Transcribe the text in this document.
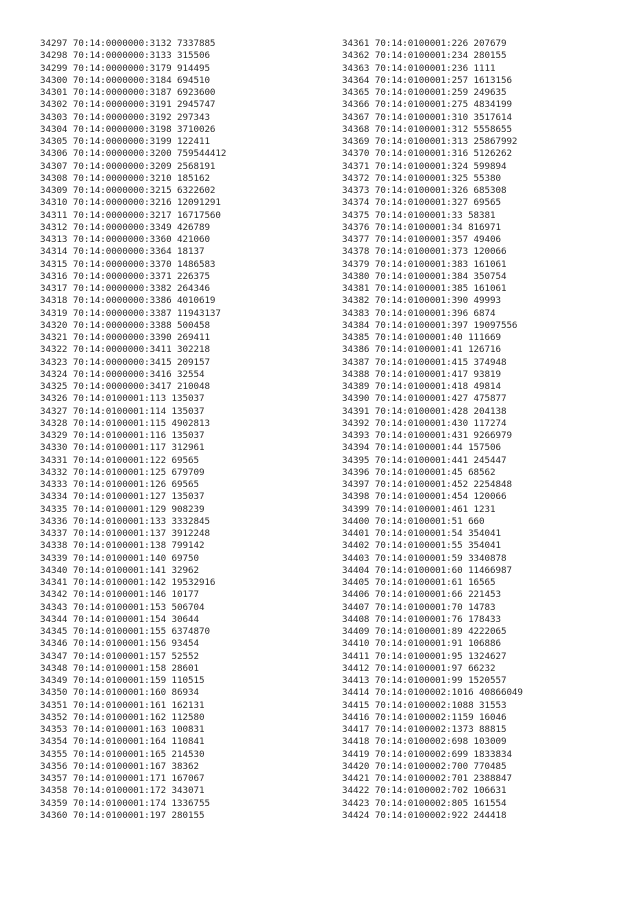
34297 70:14:0000000:3132 7337885
34298 70:14:0000000:3133 315506
34299 70:14:0000000:3179 914495
34300 70:14:0000000:3184 694510
34301 70:14:0000000:3187 6923600
34302 70:14:0000000:3191 2945747
34303 70:14:0000000:3192 297343
34304 70:14:0000000:3198 3710026
34305 70:14:0000000:3199 122411
34306 70:14:0000000:3200 759544412
34307 70:14:0000000:3209 2568191
34308 70:14:0000000:3210 185162
34309 70:14:0000000:3215 6322602
34310 70:14:0000000:3216 12091291
34311 70:14:0000000:3217 16717560
34312 70:14:0000000:3349 426789
34313 70:14:0000000:3360 421060
34314 70:14:0000000:3364 18137
34315 70:14:0000000:3370 1486583
34316 70:14:0000000:3371 226375
34317 70:14:0000000:3382 264346
34318 70:14:0000000:3386 4010619
34319 70:14:0000000:3387 11943137
34320 70:14:0000000:3388 500458
34321 70:14:0000000:3390 269411
34322 70:14:0000000:3411 302218
34323 70:14:0000000:3415 209157
34324 70:14:0000000:3416 32554
34325 70:14:0000000:3417 210048
34326 70:14:0100001:113 135037
34327 70:14:0100001:114 135037
34328 70:14:0100001:115 4902813
34329 70:14:0100001:116 135037
34330 70:14:0100001:117 312961
34331 70:14:0100001:122 69565
34332 70:14:0100001:125 679709
34333 70:14:0100001:126 69565
34334 70:14:0100001:127 135037
34335 70:14:0100001:129 908239
34336 70:14:0100001:133 3332845
34337 70:14:0100001:137 3912248
34338 70:14:0100001:138 799142
34339 70:14:0100001:140 69750
34340 70:14:0100001:141 32962
34341 70:14:0100001:142 19532916
34342 70:14:0100001:146 10177
34343 70:14:0100001:153 506704
34344 70:14:0100001:154 30644
34345 70:14:0100001:155 6374870
34346 70:14:0100001:156 93454
34347 70:14:0100001:157 52552
34348 70:14:0100001:158 28601
34349 70:14:0100001:159 110515
34350 70:14:0100001:160 86934
34351 70:14:0100001:161 162131
34352 70:14:0100001:162 112580
34353 70:14:0100001:163 100831
34354 70:14:0100001:164 110841
34355 70:14:0100001:165 214530
34356 70:14:0100001:167 38362
34357 70:14:0100001:171 167067
34358 70:14:0100001:172 343071
34359 70:14:0100001:174 1336755
34360 70:14:0100001:197 280155
34361 70:14:0100001:226 207679
34362 70:14:0100001:234 280155
34363 70:14:0100001:236 1111
34364 70:14:0100001:257 1613156
34365 70:14:0100001:259 249635
34366 70:14:0100001:275 4834199
34367 70:14:0100001:310 3517614
34368 70:14:0100001:312 5558655
34369 70:14:0100001:313 25867992
34370 70:14:0100001:316 5126262
34371 70:14:0100001:324 599894
34372 70:14:0100001:325 55380
34373 70:14:0100001:326 685308
34374 70:14:0100001:327 69565
34375 70:14:0100001:33 58381
34376 70:14:0100001:34 816971
34377 70:14:0100001:357 49406
34378 70:14:0100001:373 120066
34379 70:14:0100001:383 161061
34380 70:14:0100001:384 350754
34381 70:14:0100001:385 161061
34382 70:14:0100001:390 49993
34383 70:14:0100001:396 6874
34384 70:14:0100001:397 19097556
34385 70:14:0100001:40 111669
34386 70:14:0100001:41 126716
34387 70:14:0100001:415 374948
34388 70:14:0100001:417 93819
34389 70:14:0100001:418 49814
34390 70:14:0100001:427 475877
34391 70:14:0100001:428 204138
34392 70:14:0100001:430 117274
34393 70:14:0100001:431 9266979
34394 70:14:0100001:44 157506
34395 70:14:0100001:441 245447
34396 70:14:0100001:45 68562
34397 70:14:0100001:452 2254848
34398 70:14:0100001:454 120066
34399 70:14:0100001:461 1231
34400 70:14:0100001:51 660
34401 70:14:0100001:54 354041
34402 70:14:0100001:55 354041
34403 70:14:0100001:59 3340878
34404 70:14:0100001:60 11466987
34405 70:14:0100001:61 16565
34406 70:14:0100001:66 221453
34407 70:14:0100001:70 14783
34408 70:14:0100001:76 178433
34409 70:14:0100001:89 4222065
34410 70:14:0100001:91 106886
34411 70:14:0100001:95 1324627
34412 70:14:0100001:97 66232
34413 70:14:0100001:99 1520557
34414 70:14:0100002:1016 40866049
34415 70:14:0100002:1088 31553
34416 70:14:0100002:1159 16046
34417 70:14:0100002:1373 88815
34418 70:14:0100002:698 103009
34419 70:14:0100002:699 1833834
34420 70:14:0100002:700 770485
34421 70:14:0100002:701 2388847
34422 70:14:0100002:702 106631
34423 70:14:0100002:805 161554
34424 70:14:0100002:922 244418
